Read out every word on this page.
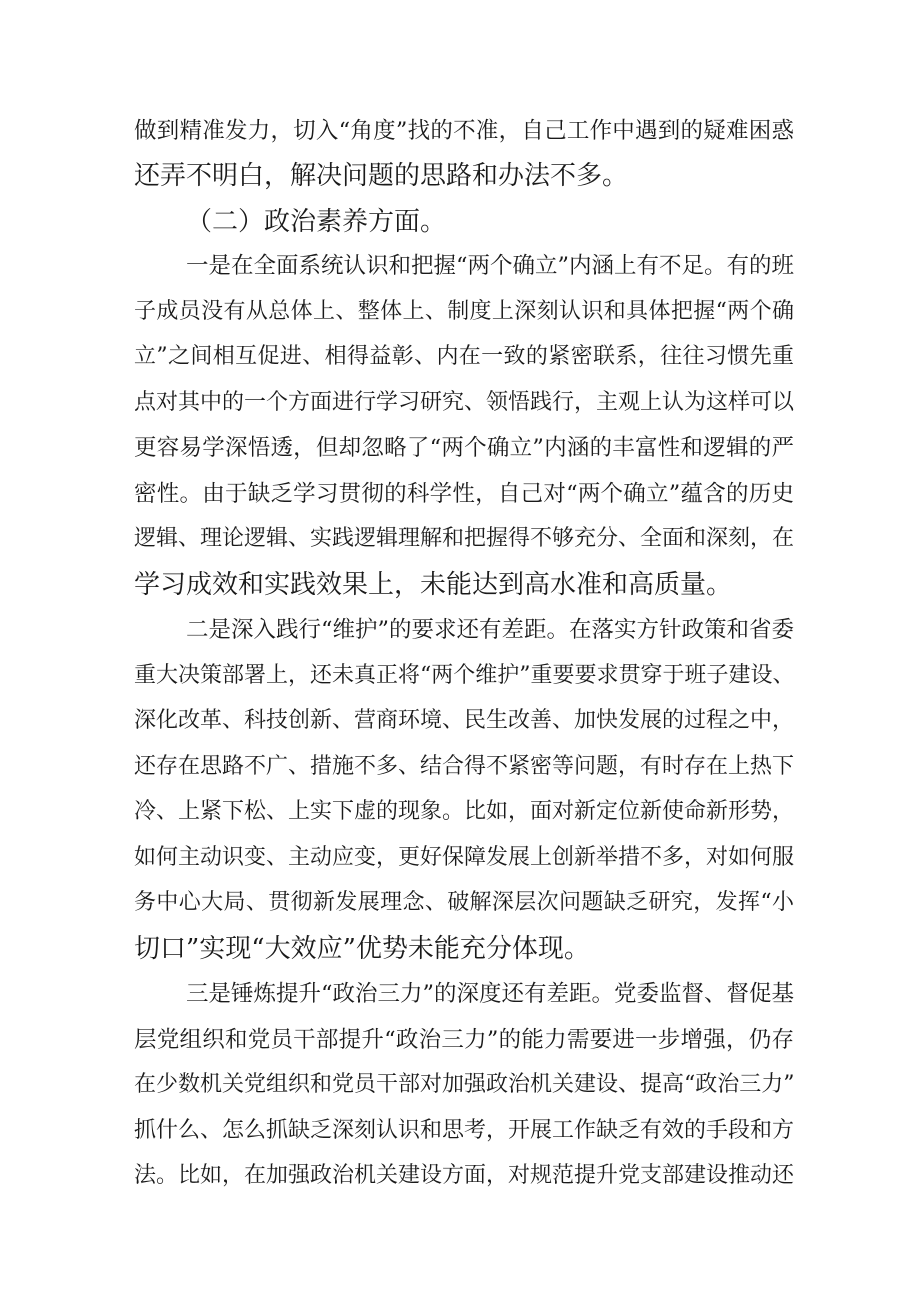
做到精准发力，切入“角度”找的不准，自己工作中遇到的疑难困惑
还弄不明白，解决问题的思路和办法不多。
（二）政治素养方面。
一是在全面系统认识和把握“两个确立”内涵上有不足。有的班
子成员没有从总体上、整体上、制度上深刻认识和具体把握“两个确
立”之间相互促进、相得益彰、内在一致的紧密联系，往往习惯先重
点对其中的一个方面进行学习研究、领悟践行，主观上认为这样可以
更容易学深悟透，但却忽略了“两个确立”内涵的丰富性和逻辑的严
密性。由于缺乏学习贯彻的科学性，自己对“两个确立”蕴含的历史
逻辑、理论逻辑、实践逻辑理解和把握得不够充分、全面和深刻，在
学习成效和实践效果上，未能达到高水准和高质量。
二是深入践行“维护”的要求还有差距。在落实方针政策和省委
重大决策部署上，还未真正将“两个维护”重要要求贯穿于班子建设、
深化改革、科技创新、营商环境、民生改善、加快发展的过程之中，
还存在思路不广、措施不多、结合得不紧密等问题，有时存在上热下
冷、上紧下松、上实下虚的现象。比如，面对新定位新使命新形势，
如何主动识变、主动应变，更好保障发展上创新举措不多，对如何服
务中心大局、贯彻新发展理念、破解深层次问题缺乏研究，发挥“小
切口”实现“大效应”优势未能充分体现。
三是锤炼提升“政治三力”的深度还有差距。党委监督、督促基
层党组织和党员干部提升“政治三力”的能力需要进一步增强，仍存
在少数机关党组织和党员干部对加强政治机关建设、提高“政治三力”
抓什么、怎么抓缺乏深刻认识和思考，开展工作缺乏有效的手段和方
法。比如，在加强政治机关建设方面，对规范提升党支部建设推动还
